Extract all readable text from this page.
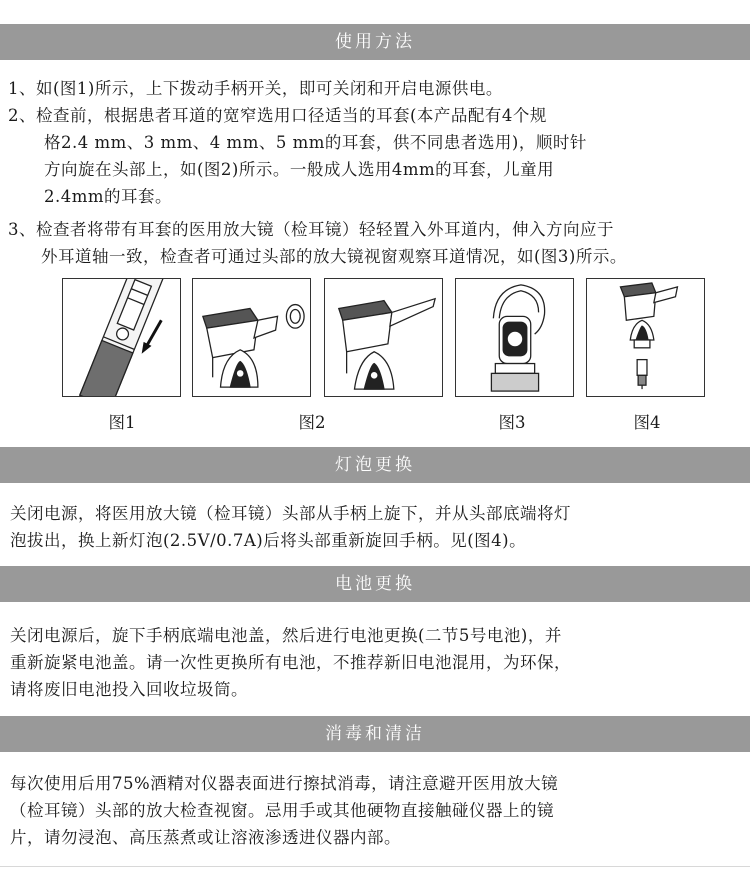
使用方法
1、如(图1)所示，上下拨动手柄开关，即可关闭和开启电源供电。
2、检查前，根据患者耳道的宽窄选用口径适当的耳套(本产品配有4个规
格2.4 mm、3 mm、4 mm、5 mm的耳套，供不同患者选用)，顺时针
方向旋在头部上，如(图2)所示。一般成人选用4mm的耳套，儿童用
2.4mm的耳套。
3、检查者将带有耳套的医用放大镜（检耳镜）轻轻置入外耳道内，伸入方向应于
外耳道轴一致，检查者可通过头部的放大镜视窗观察耳道情况，如(图3)所示。
图1	图2	图3	图4
灯泡更换
关闭电源，将医用放大镜（检耳镜）头部从手柄上旋下，并从头部底端将灯
泡拔出，换上新灯泡(2.5V/0.7A)后将头部重新旋回手柄。见(图4)。
电池更换
关闭电源后，旋下手柄底端电池盖，然后进行电池更换(二节5号电池)，并
重新旋紧电池盖。请一次性更换所有电池，不推荐新旧电池混用，为环保，
请将废旧电池投入回收垃圾筒。
消毒和清洁
每次使用后用75%酒精对仪器表面进行擦拭消毒，请注意避开医用放大镜
（检耳镜）头部的放大检查视窗。忌用手或其他硬物直接触碰仪器上的镜
片，请勿浸泡、高压蒸煮或让溶液渗透进仪器内部。
